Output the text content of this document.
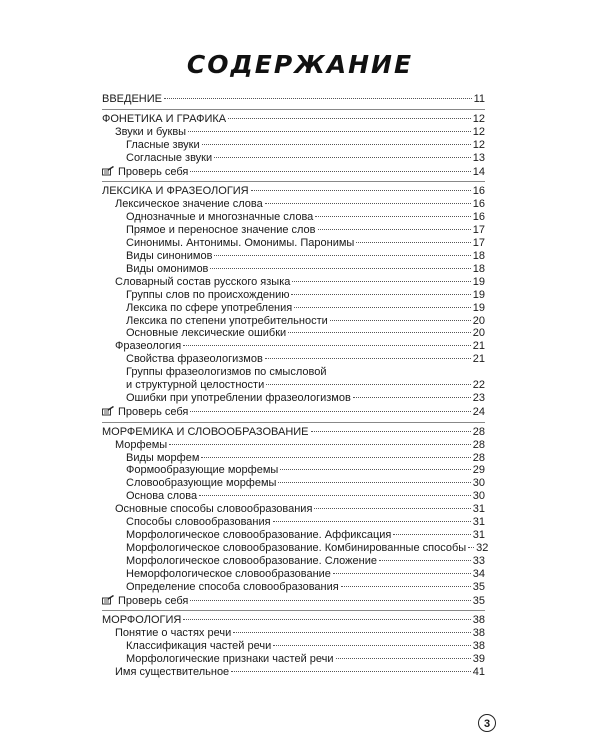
СОДЕРЖАНИЕ
ВВЕДЕНИЕ	11
ФОНЕТИКА И ГРАФИКА	12
Звуки и буквы	12
Гласные звуки	12
Согласные звуки	13
Проверь себя	14
ЛЕКСИКА И ФРАЗЕОЛОГИЯ	16
Лексическое значение слова	16
Однозначные и многозначные слова	16
Прямое и переносное значение слов	17
Синонимы. Антонимы. Омонимы. Паронимы	17
Виды синонимов	18
Виды омонимов	18
Словарный состав русского языка	19
Группы слов по происхождению	19
Лексика по сфере употребления	19
Лексика по степени употребительности	20
Основные лексические ошибки	20
Фразеология	21
Свойства фразеологизмов	21
Группы фразеологизмов по смысловой
и структурной целостности	22
Ошибки при употреблении фразеологизмов	23
Проверь себя	24
МОРФЕМИКА И СЛОВООБРАЗОВАНИЕ	28
Морфемы	28
Виды морфем	28
Формообразующие морфемы	29
Словообразующие морфемы	30
Основа слова	30
Основные способы словообразования	31
Способы словообразования	31
Морфологическое словообразование. Аффиксация	31
Морфологическое словообразование. Комбинированные способы 32
Морфологическое словообразование. Сложение	33
Неморфологическое словообразование	34
Определение способа словообразования	35
Проверь себя	35
МОРФОЛОГИЯ	38
Понятие о частях речи	38
Классификация частей речи	38
Морфологические признаки частей речи	39
Имя существительное	41
3
